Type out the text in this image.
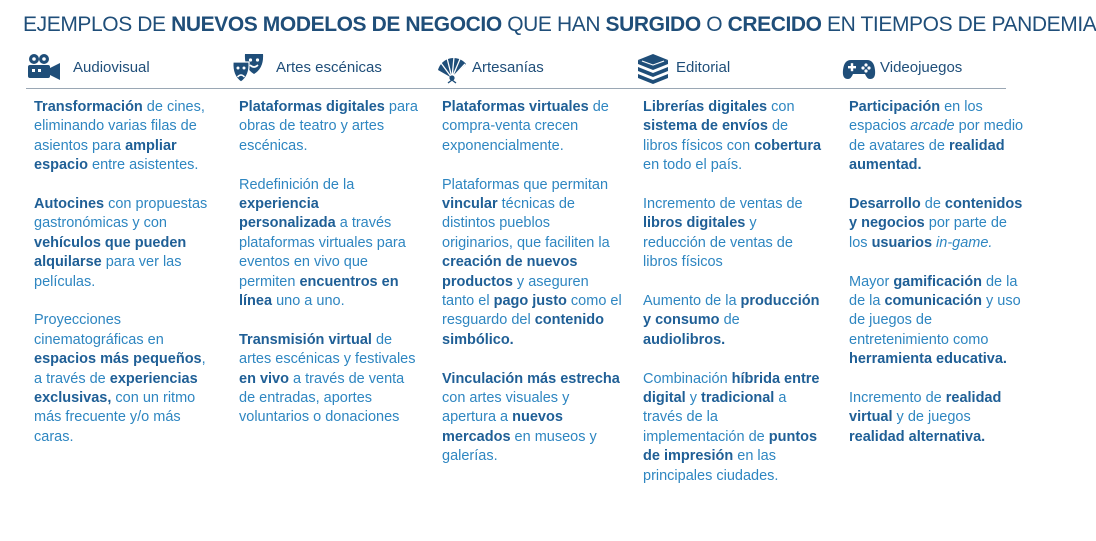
EJEMPLOS DE NUEVOS MODELOS DE NEGOCIO QUE HAN SURGIDO O CRECIDO EN TIEMPOS DE PANDEMIA
Audiovisual

Transformación de cines, eliminando varias filas de asientos para ampliar espacio entre asistentes.

Autocines con propuestas gastronómicas y con vehículos que pueden alquilarse para ver las películas.

Proyecciones cinematográficas en espacios más pequeños, a través de experiencias exclusivas, con un ritmo más frecuente y/o más caras.

Artes escénicas

Plataformas digitales para obras de teatro y artes escénicas.

Redefinición de la experiencia personalizada a través plataformas virtuales para eventos en vivo que permiten encuentros en línea uno a uno.

Transmisión virtual de artes escénicas y festivales en vivo a través de venta de entradas, aportes voluntarios o donaciones

Artesanías

Plataformas virtuales de compra-venta crecen exponencialmente.

Plataformas que permitan vincular técnicas de distintos pueblos originarios, que faciliten la creación de nuevos productos y aseguren tanto el pago justo como el resguardo del contenido simbólico.

Vinculación más estrecha con artes visuales y apertura a nuevos mercados en museos y galerías.

Editorial

Librerías digitales con sistema de envíos de libros físicos con cobertura en todo el país.

Incremento de ventas de libros digitales y reducción de ventas de libros físicos

Aumento de la producción y consumo de audiolibros.

Combinación híbrida entre digital y tradicional a través de la implementación de puntos de impresión en las principales ciudades.

Videojuegos

Participación en los espacios arcade por medio de avatares de realidad aumentad.

Desarrollo de contenidos y negocios por parte de los usuarios in-game.

Mayor gamificación de la de la comunicación y uso de juegos de entretenimiento como herramienta educativa.

Incremento de realidad virtual y de juegos realidad alternativa.
